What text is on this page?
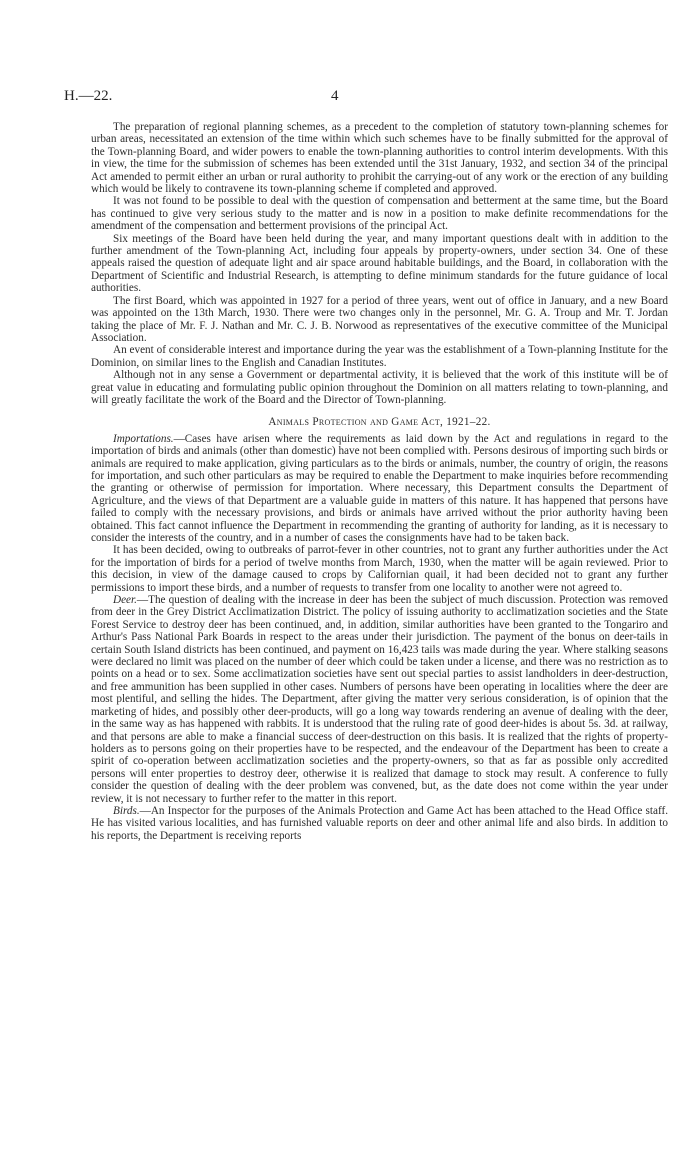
H.—22.	4

The preparation of regional planning schemes, as a precedent to the completion of statutory town-planning schemes for urban areas, necessitated an extension of the time within which such schemes have to be finally submitted for the approval of the Town-planning Board, and wider powers to enable the town-planning authorities to control interim developments. With this in view, the time for the submission of schemes has been extended until the 31st January, 1932, and section 34 of the principal Act amended to permit either an urban or rural authority to prohibit the carrying-out of any work or the erection of any building which would be likely to contravene its town-planning scheme if completed and approved.

It was not found to be possible to deal with the question of compensation and betterment at the same time, but the Board has continued to give very serious study to the matter and is now in a position to make definite recommendations for the amendment of the compensation and betterment provisions of the principal Act.

Six meetings of the Board have been held during the year, and many important questions dealt with in addition to the further amendment of the Town-planning Act, including four appeals by property-owners, under section 34. One of these appeals raised the question of adequate light and air space around habitable buildings, and the Board, in collaboration with the Department of Scientific and Industrial Research, is attempting to define minimum standards for the future guidance of local authorities.

The first Board, which was appointed in 1927 for a period of three years, went out of office in January, and a new Board was appointed on the 13th March, 1930. There were two changes only in the personnel, Mr. G. A. Troup and Mr. T. Jordan taking the place of Mr. F. J. Nathan and Mr. C. J. B. Norwood as representatives of the executive committee of the Municipal Association.

An event of considerable interest and importance during the year was the establishment of a Town-planning Institute for the Dominion, on similar lines to the English and Canadian Institutes.

Although not in any sense a Government or departmental activity, it is believed that the work of this institute will be of great value in educating and formulating public opinion throughout the Dominion on all matters relating to town-planning, and will greatly facilitate the work of the Board and the Director of Town-planning.

Animals Protection and Game Act, 1921–22.

Importations.—Cases have arisen where the requirements as laid down by the Act and regulations in regard to the importation of birds and animals (other than domestic) have not been complied with. Persons desirous of importing such birds or animals are required to make application, giving particulars as to the birds or animals, number, the country of origin, the reasons for importation, and such other particulars as may be required to enable the Department to make inquiries before recommending the granting or otherwise of permission for importation. Where necessary, this Department consults the Department of Agriculture, and the views of that Department are a valuable guide in matters of this nature. It has happened that persons have failed to comply with the necessary provisions, and birds or animals have arrived without the prior authority having been obtained. This fact cannot influence the Department in recommending the granting of authority for landing, as it is necessary to consider the interests of the country, and in a number of cases the consignments have had to be taken back.

It has been decided, owing to outbreaks of parrot-fever in other countries, not to grant any further authorities under the Act for the importation of birds for a period of twelve months from March, 1930, when the matter will be again reviewed. Prior to this decision, in view of the damage caused to crops by Californian quail, it had been decided not to grant any further permissions to import these birds, and a number of requests to transfer from one locality to another were not agreed to.

Deer.—The question of dealing with the increase in deer has been the subject of much discussion. Protection was removed from deer in the Grey District Acclimatization District. The policy of issuing authority to acclimatization societies and the State Forest Service to destroy deer has been continued, and, in addition, similar authorities have been granted to the Tongariro and Arthur's Pass National Park Boards in respect to the areas under their jurisdiction. The payment of the bonus on deer-tails in certain South Island districts has been continued, and payment on 16,423 tails was made during the year. Where stalking seasons were declared no limit was placed on the number of deer which could be taken under a license, and there was no restriction as to points on a head or to sex. Some acclimatization societies have sent out special parties to assist landholders in deer-destruction, and free ammunition has been supplied in other cases. Numbers of persons have been operating in localities where the deer are most plentiful, and selling the hides. The Department, after giving the matter very serious consideration, is of opinion that the marketing of hides, and possibly other deer-products, will go a long way towards rendering an avenue of dealing with the deer, in the same way as has happened with rabbits. It is understood that the ruling rate of good deer-hides is about 5s. 3d. at railway, and that persons are able to make a financial success of deer-destruction on this basis. It is realized that the rights of property-holders as to persons going on their properties have to be respected, and the endeavour of the Department has been to create a spirit of co-operation between acclimatization societies and the property-owners, so that as far as possible only accredited persons will enter properties to destroy deer, otherwise it is realized that damage to stock may result. A conference to fully consider the question of dealing with the deer problem was convened, but, as the date does not come within the year under review, it is not necessary to further refer to the matter in this report.

Birds.—An Inspector for the purposes of the Animals Protection and Game Act has been attached to the Head Office staff. He has visited various localities, and has furnished valuable reports on deer and other animal life and also birds. In addition to his reports, the Department is receiving reports
